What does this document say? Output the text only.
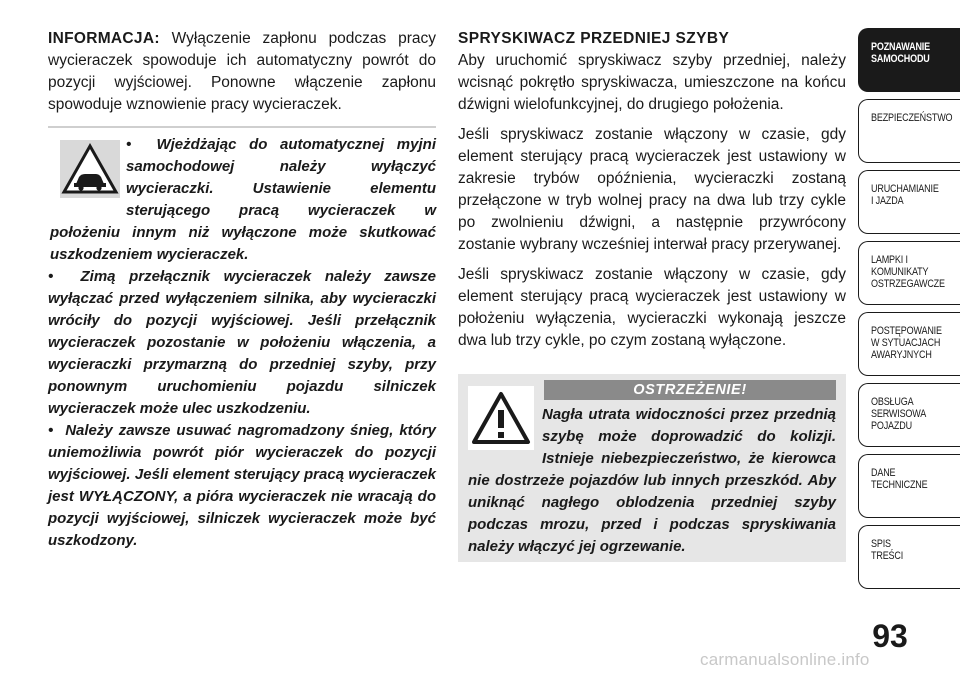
INFORMACJA: Wyłączenie zapłonu podczas pracy wycieraczek spowoduje ich automatyczny powrót do pozycji wyjściowej. Ponowne włączenie zapłonu spowoduje wznowienie pracy wycieraczek.

• Wjeżdżając do automatycznej myjni samochodowej należy wyłączyć wycieraczki. Ustawienie elementu sterującego pracą wycieraczek w położeniu innym niż wyłączone może skutkować uszkodzeniem wycieraczek.
• Zimą przełącznik wycieraczek należy zawsze wyłączać przed wyłączeniem silnika, aby wycieraczki wróciły do pozycji wyjściowej. Jeśli przełącznik wycieraczek pozostanie w położeniu włączenia, a wycieraczki przymarzną do przedniej szyby, przy ponownym uruchomieniu pojazdu silniczek wycieraczek może ulec uszkodzeniu.
• Należy zawsze usuwać nagromadzony śnieg, który uniemożliwia powrót piór wycieraczek do pozycji wyjściowej. Jeśli element sterujący pracą wycieraczek jest WYŁĄCZONY, a pióra wycieraczek nie wracają do pozycji wyjściowej, silniczek wycieraczek może być uszkodzony.

SPRYSKIWACZ PRZEDNIEJ SZYBY

Aby uruchomić spryskiwacz szyby przedniej, należy wcisnąć pokrętło spryskiwacza, umieszczone na końcu dźwigni wielofunkcyjnej, do drugiego położenia.

Jeśli spryskiwacz zostanie włączony w czasie, gdy element sterujący pracą wycieraczek jest ustawiony w zakresie trybów opóźnienia, wycieraczki zostaną przełączone w tryb wolnej pracy na dwa lub trzy cykle po zwolnieniu dźwigni, a następnie przywrócony zostanie wybrany wcześniej interwał pracy przerywanej.

Jeśli spryskiwacz zostanie włączony w czasie, gdy element sterujący pracą wycieraczek jest ustawiony w położeniu wyłączenia, wycieraczki wykonają jeszcze dwa lub trzy cykle, po czym zostaną wyłączone.

OSTRZEŻENIE!
Nagła utrata widoczności przez przednią szybę może doprowadzić do kolizji. Istnieje niebezpieczeństwo, że kierowca nie dostrzeże pojazdów lub innych przeszkód. Aby uniknąć nagłego oblodzenia przedniej szyby podczas mrozu, przed i podczas spryskiwania należy włączyć jej ogrzewanie.
POZNAWANIE
SAMOCHODU
BEZPIECZEŃSTWO
URUCHAMIANIE
I JAZDA
LAMPKI I
KOMUNIKATY
OSTRZEGAWCZE
POSTĘPOWANIE
W SYTUACJACH
AWARYJNYCH
OBSŁUGA
SERWISOWA
POJAZDU
DANE
TECHNICZNE
SPIS
TREŚCI
93
carmanualsonline.info
